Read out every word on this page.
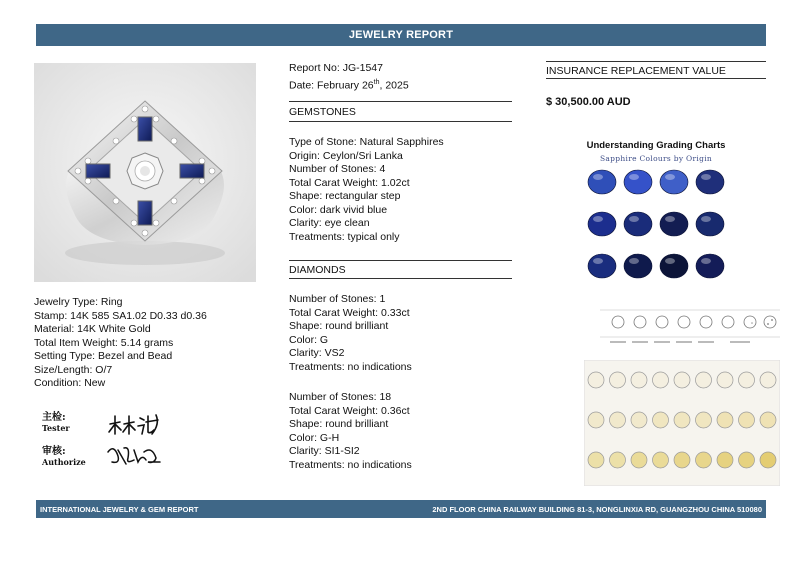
JEWELRY REPORT
Jewelry Type: Ring
Stamp: 14K 585 SA1.02 D0.33 d0.36
Material: 14K White Gold
Total Item Weight: 5.14 grams
Setting Type: Bezel and Bead
Size/Length: O/7
Condition: New
主检:
Tester
审核:
Authorize
Report No: JG-1547
Date: February 26th, 2025
GEMSTONES
Type of Stone: Natural Sapphires
Origin: Ceylon/Sri Lanka
Number of Stones: 4
Total Carat Weight: 1.02ct
Shape: rectangular step
Color: dark vivid blue
Clarity: eye clean
Treatments: typical only
DIAMONDS
Number of Stones: 1
Total Carat Weight: 0.33ct
Shape: round brilliant
Color: G
Clarity: VS2
Treatments: no indications
Number of Stones: 18
Total Carat Weight: 0.36ct
Shape: round brilliant
Color: G-H
Clarity: SI1-SI2
Treatments: no indications
INSURANCE REPLACEMENT VALUE
$ 30,500.00 AUD
Understanding Grading Charts
Sapphire Colours by Origin
INTERNATIONAL JEWELRY & GEM REPORT	2ND FLOOR CHINA RAILWAY BUILDING 81-3, NONGLINXIA RD, GUANGZHOU CHINA 510080
